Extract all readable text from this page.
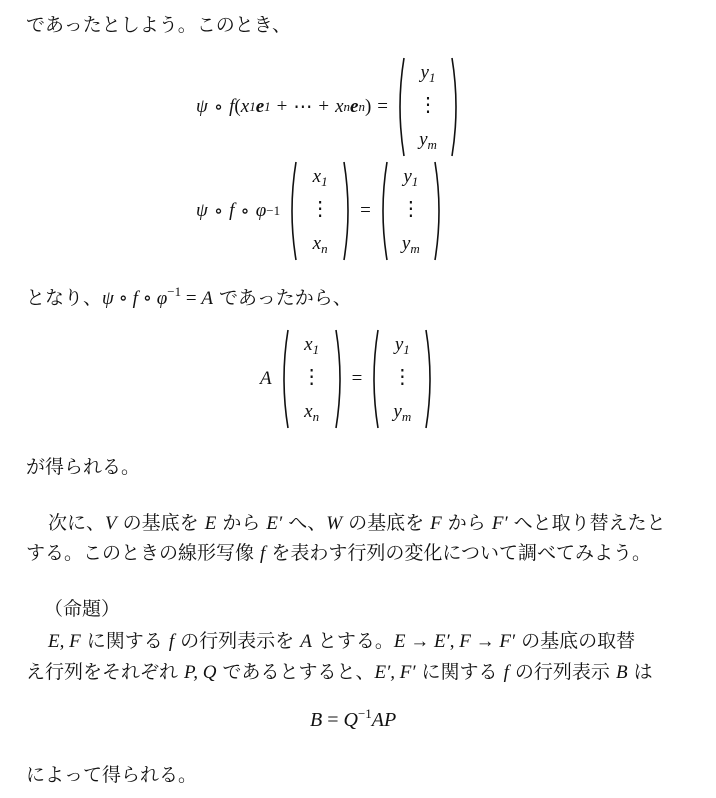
であったとしよう。このとき、
ψ ∘ f ( x 1 e 1 + ⋯ + x n e n ) =
$y_1$
⋮
$y_m$
ψ ∘ f ∘ φ −1
$x_1$
⋮
$x_n$
=
$y_1$
⋮
$y_m$
となり、ψ ∘ f ∘ $\varphi^{-1} = A$ であったから、
A
$x_1$
⋮
$x_n$
=
$y_1$
⋮
$y_m$
が得られる。
次に、V の基底を E から E′ へ、W の基底を F から F′ へと取り替えたと
する。このときの線形写像 f を表わす行列の変化について調べてみよう。
（命題）
E, F に関する f の行列表示を A とする。E → E′, F → F′ の基底の取替
え行列をそれぞれ P, Q であるとすると、E′, F′ に関する f の行列表示 B は
$B = Q^{-1}AP$
によって得られる。
